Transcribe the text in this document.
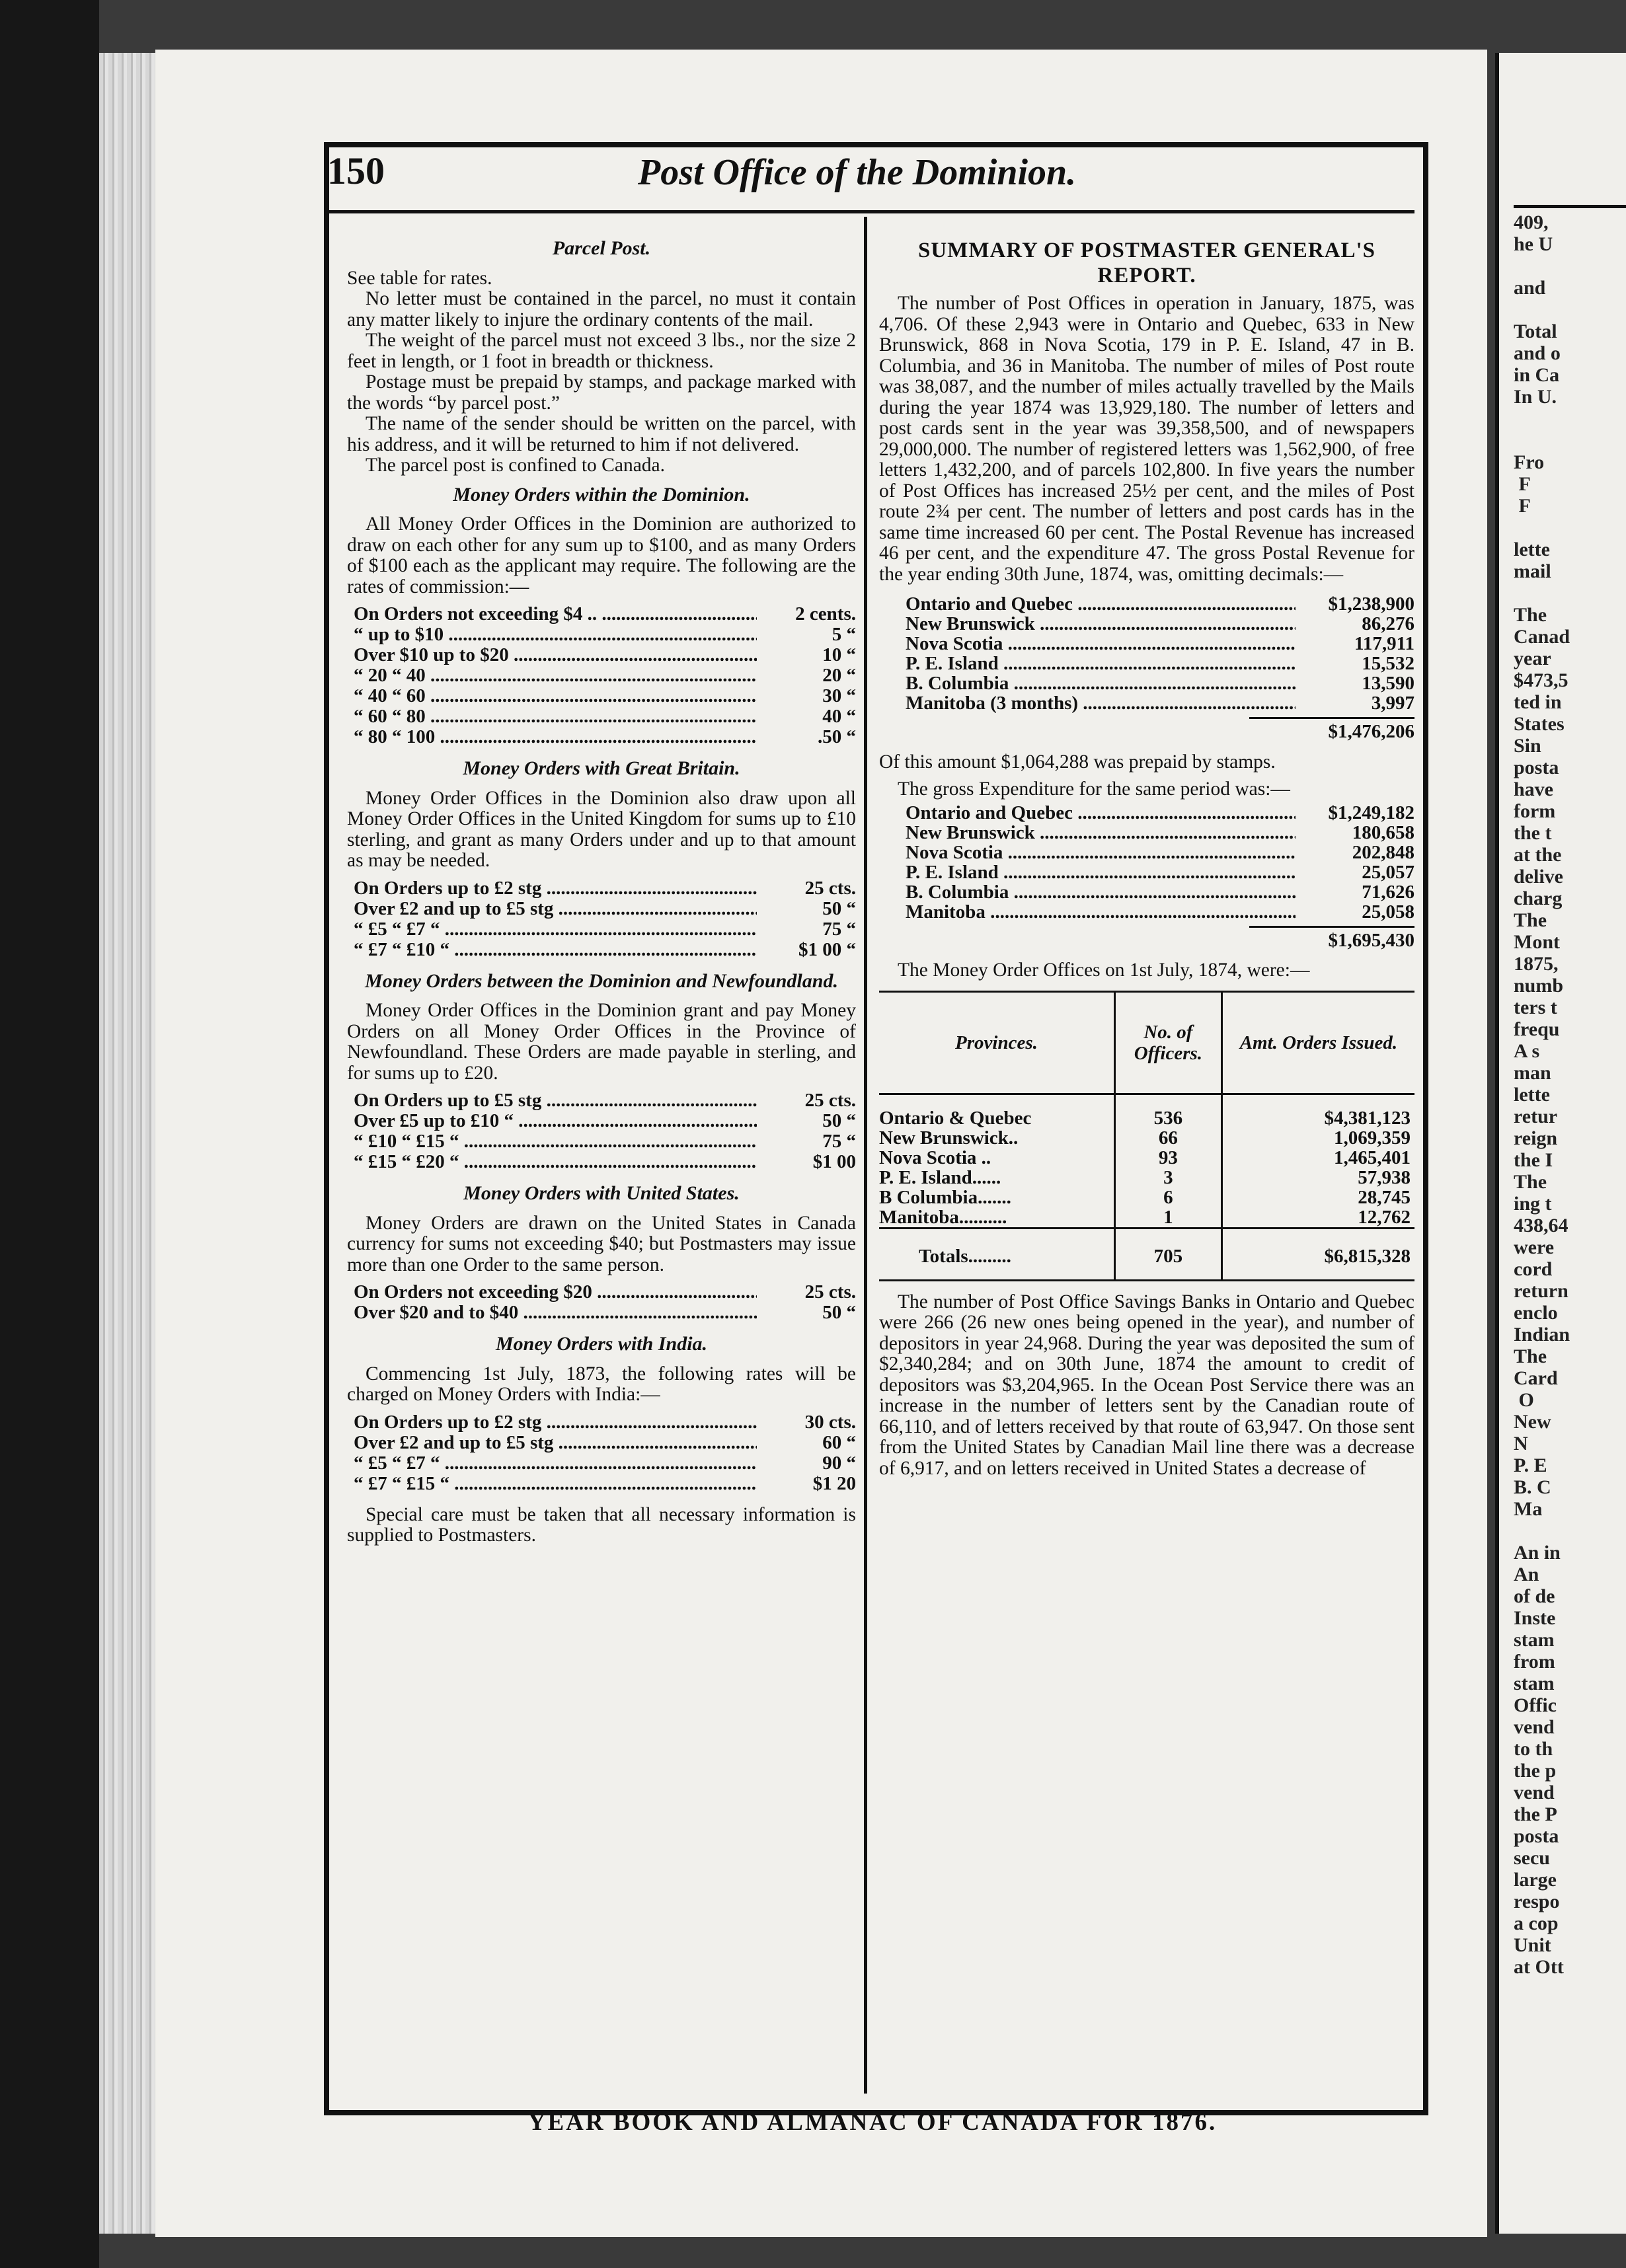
409,
he U

and

Total
and o
in Ca
In U.

Fro
F
F

lette
mail

The
Canad
year
$473,5
ted in
States
Sin
posta
have
form
the t
at the
delive
charg
The
Mont
1875,
numb
ters t
frequ
A s
man
lette
retur
reign
the I
The
ing t
438,64
were
cord
return
enclo
Indian
The
Card
O
New
N
P. E
B. C
Ma

An in
An
of de
Inste
stam
from
stam
Offic
vend
to th
the p
vend
the P
posta
secu
large
respo
a cop
Unit
at Ott
150	Post Office of the Dominion.
Parcel Post.

See table for rates.

No letter must be contained in the parcel, no must it contain any matter likely to injure the ordinary contents of the mail.

The weight of the parcel must not exceed 3 lbs., nor the size 2 feet in length, or 1 foot in breadth or thickness.

Postage must be prepaid by stamps, and package marked with the words “by parcel post.”

The name of the sender should be written on the parcel, with his address, and it will be returned to him if not delivered.

The parcel post is confined to Canada.

Money Orders within the Dominion.

All Money Order Offices in the Dominion are authorized to draw on each other for any sum up to $100, and as many Orders of $100 each as the applicant may require. The following are the rates of commission:—

On Orders not exceeding $4 .. .....	2 cents.
“ up to $10 .....	5 “
Over $10 up to $20 .....	10 “
“ 20 “ 40 .....	20 “
“ 40 “ 60 .....	30 “
“ 60 “ 80 .....	40 “
“ 80 “ 100 .....	.50 “
Money Orders with Great Britain.

Money Order Offices in the Dominion also draw upon all Money Order Offices in the United Kingdom for sums up to £10 sterling, and grant as many Orders under and up to that amount as may be needed.

On Orders up to £2 stg .....	25 cts.
Over £2 and up to £5 stg .....	50 “
“ £5 “ £7 “ .....	75 “
“ £7 “ £10 “ .....	$1 00 “
Money Orders between the Dominion and Newfoundland.

Money Order Offices in the Dominion grant and pay Money Orders on all Money Order Offices in the Province of Newfoundland. These Orders are made payable in sterling, and for sums up to £20.

On Orders up to £5 stg .....	25 cts.
Over £5 up to £10 “ .....	50 “
“ £10 “ £15 “ .....	75 “
“ £15 “ £20 “ .....	$1 00
Money Orders with United States.

Money Orders are drawn on the United States in Canada currency for sums not exceeding $40; but Postmasters may issue more than one Order to the same person.

On Orders not exceeding $20 .....	25 cts.
Over $20 and to $40 .....	50 “
Money Orders with India.

Commencing 1st July, 1873, the following rates will be charged on Money Orders with India:—

On Orders up to £2 stg .....	30 cts.
Over £2 and up to £5 stg .....	60 “
“ £5 “ £7 “ .....	90 “
“ £7 “ £15 “ .....	$1 20

Special care must be taken that all necessary information is supplied to Postmasters.

SUMMARY OF POSTMASTER GENERAL'S REPORT.

The number of Post Offices in operation in January, 1875, was 4,706. Of these 2,943 were in Ontario and Quebec, 633 in New Brunswick, 868 in Nova Scotia, 179 in P. E. Island, 47 in B. Columbia, and 36 in Manitoba. The number of miles of Post route was 38,087, and the number of miles actually travelled by the Mails during the year 1874 was 13,929,180. The number of letters and post cards sent in the year was 39,358,500, and of newspapers 29,000,000. The number of registered letters was 1,562,900, of free letters 1,432,200, and of parcels 102,800. In five years the number of Post Offices has increased 25½ per cent, and the miles of Post route 2¾ per cent. The number of letters and post cards has in the same time increased 60 per cent. The Postal Revenue has increased 46 per cent, and the expenditure 47. The gross Postal Revenue for the year ending 30th June, 1874, was, omitting decimals:—

Ontario and Quebec .....	$1,238,900
New Brunswick .....	86,276
Nova Scotia .....	117,911
P. E. Island .....	15,532
B. Columbia .....	13,590
Manitoba (3 months) .....	3,997
$1,476,206

Of this amount $1,064,288 was prepaid by stamps.

The gross Expenditure for the same period was:—

Ontario and Quebec .....	$1,249,182
New Brunswick .....	180,658
Nova Scotia .....	202,848
P. E. Island .....	25,057
B. Columbia .....	71,626
Manitoba .....	25,058
$1,695,430

The Money Order Offices on 1st July, 1874, were:—

Provinces.	No. of Officers.	Amt. Orders Issued.

Ontario & Quebec	536	$4,381,123
New Brunswick..	66	1,069,359
Nova Scotia ..	93	1,465,401
P. E. Island......	3	57,938
B Columbia.......	6	28,745
Manitoba..........	1	12,762
Totals.........	705	$6,815,328

The number of Post Office Savings Banks in Ontario and Quebec were 266 (26 new ones being opened in the year), and number of depositors in year 24,968. During the year was deposited the sum of $2,340,284; and on 30th June, 1874 the amount to credit of depositors was $3,204,965. In the Ocean Post Service there was an increase in the number of letters sent by the Canadian route of 66,110, and of letters received by that route of 63,947. On those sent from the United States by Canadian Mail line there was a decrease of 6,917, and on letters received in United States a decrease of

YEAR BOOK AND ALMANAC OF CANADA FOR 1876.
